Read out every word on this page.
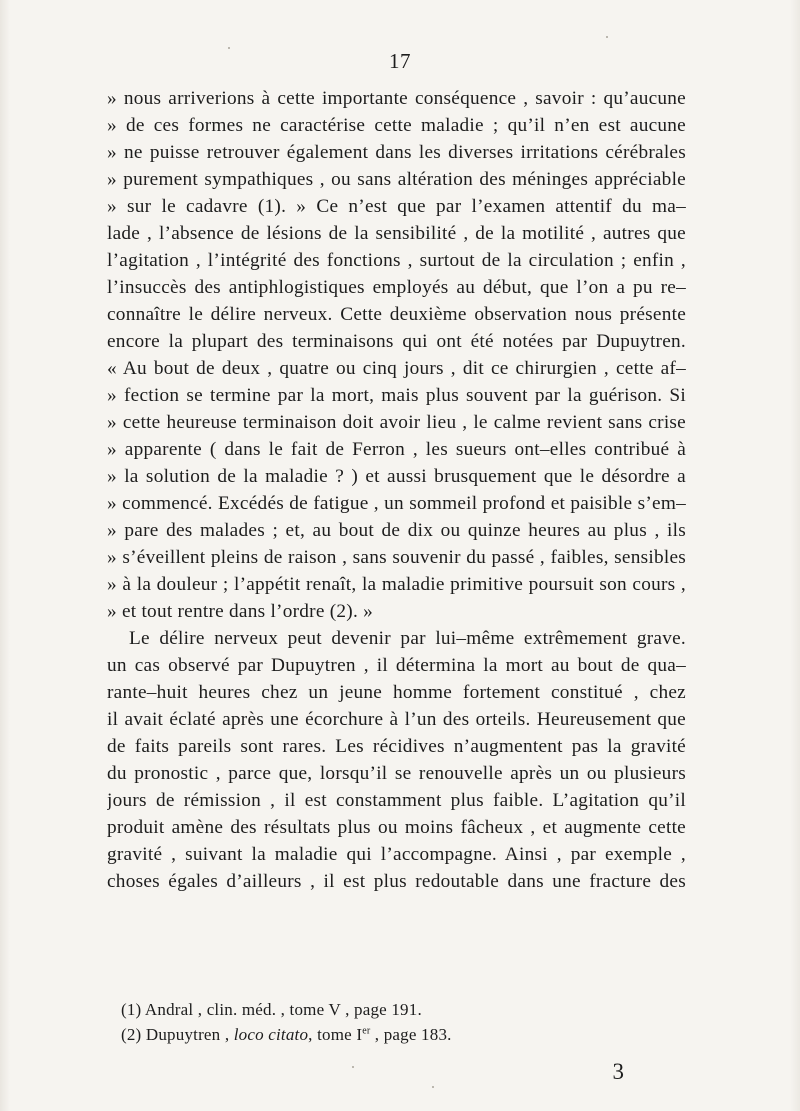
17
» nous arriverions à cette importante conséquence , savoir : qu’aucune
» de ces formes ne caractérise cette maladie ; qu’il n’en est aucune
» ne puisse retrouver également dans les diverses irritations cérébrales
» purement sympathiques , ou sans altération des méninges appréciable
» sur le cadavre (1). » Ce n’est que par l’examen attentif du ma–
lade , l’absence de lésions de la sensibilité , de la motilité , autres que
l’agitation , l’intégrité des fonctions , surtout de la circulation ; enfin ,
l’insuccès des antiphlogistiques employés au début, que l’on a pu re–
connaître le délire nerveux. Cette deuxième observation nous présente
encore la plupart des terminaisons qui ont été notées par Dupuytren.
« Au bout de deux , quatre ou cinq jours , dit ce chirurgien , cette af–
» fection se termine par la mort, mais plus souvent par la guérison. Si
» cette heureuse terminaison doit avoir lieu , le calme revient sans crise
» apparente ( dans le fait de Ferron , les sueurs ont–elles contribué à
» la solution de la maladie ? ) et aussi brusquement que le désordre a
» commencé. Excédés de fatigue , un sommeil profond et paisible s’em–
» pare des malades ; et, au bout de dix ou quinze heures au plus , ils
» s’éveillent pleins de raison , sans souvenir du passé , faibles, sensibles
» à la douleur ; l’appétit renaît, la maladie primitive poursuit son cours ,
» et tout rentre dans l’ordre (2). »
Le délire nerveux peut devenir par lui–même extrêmement grave.
un cas observé par Dupuytren , il détermina la mort au bout de qua–
rante–huit heures chez un jeune homme fortement constitué , chez
il avait éclaté après une écorchure à l’un des orteils. Heureusement que
de faits pareils sont rares. Les récidives n’augmentent pas la gravité
du pronostic , parce que, lorsqu’il se renouvelle après un ou plusieurs
jours de rémission , il est constamment plus faible. L’agitation qu’il
produit amène des résultats plus ou moins fâcheux , et augmente cette
gravité , suivant la maladie qui l’accompagne. Ainsi , par exemple ,
choses égales d’ailleurs , il est plus redoutable dans une fracture des
(1) Andral , clin. méd. , tome V , page 191.
(2) Dupuytren , loco citato, tome Ier , page 183.
3
